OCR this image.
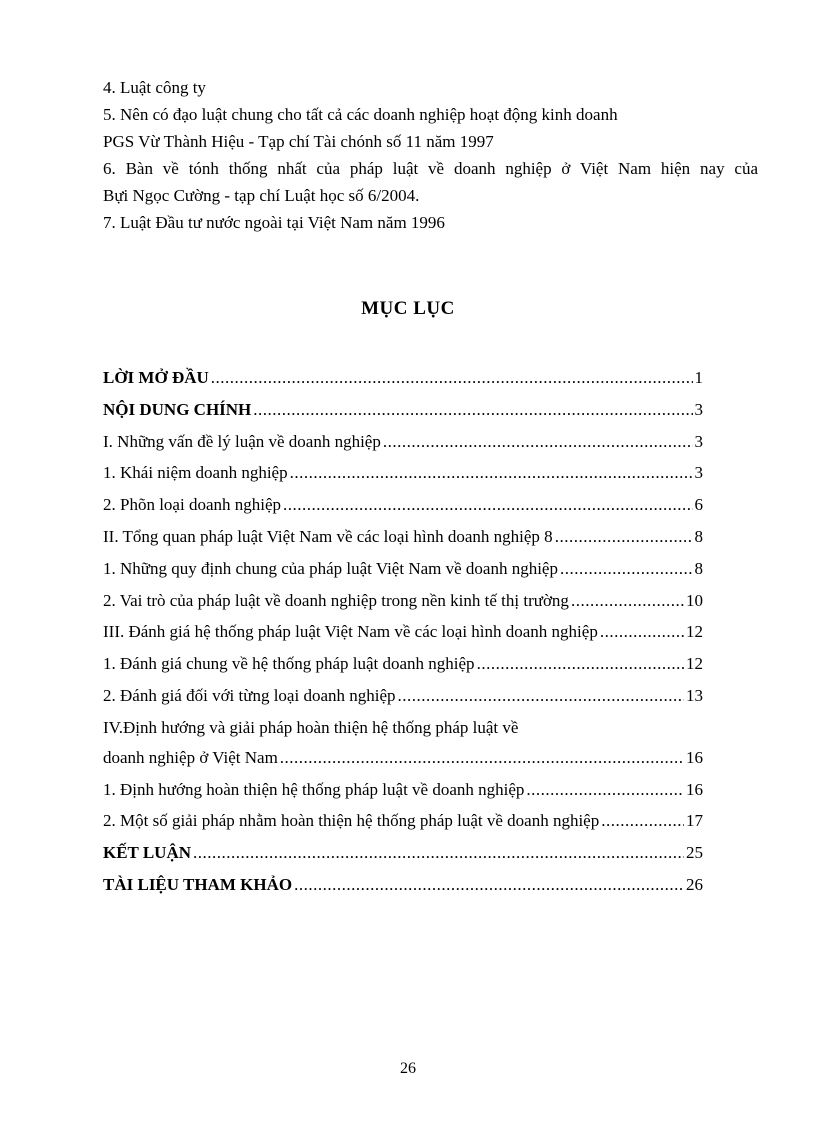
4. Luật công ty
5. Nên có đạo luật chung cho tất cả các doanh nghiệp hoạt động kinh doanh
PGS Vừ Thành Hiệu - Tạp chí Tài chónh số 11 năm 1997
6. Bàn về tónh thống nhất của pháp luật về doanh nghiệp ở Việt Nam hiện nay của
Bựi Ngọc Cường - tạp chí Luật học số 6/2004.
7. Luật Đầu tư nước ngoài tại Việt Nam năm 1996
MỤC LỤC
LỜI MỞ ĐẦU .....	1
NỘI DUNG CHÍNH .....	3
I. Những vấn đề lý luận về doanh nghiệp .....	3
1. Khái niệm doanh nghiệp .....	3
2. Phõn loại doanh nghiệp .....	6
II. Tổng quan pháp luật Việt Nam về các loại hình doanh nghiệp 8 .....	8
1. Những quy định chung của pháp luật Việt Nam về doanh nghiệp .....	8
2. Vai trò của pháp luật về doanh nghiệp trong nền kinh tế thị trường .....	10
III. Đánh giá hệ thống pháp luật Việt Nam về các loại hình doanh nghiệp .....	12
1. Đánh giá chung về hệ thống pháp luật doanh nghiệp .....	12
2. Đánh giá đối với từng loại doanh nghiệp .....	13
IV.Định hướng và giải pháp hoàn thiện hệ thống pháp luật về
doanh nghiệp ở Việt Nam .....	16
1. Định hướng hoàn thiện hệ thống pháp luật về doanh nghiệp .....	16
2. Một số giải pháp nhằm hoàn thiện hệ thống pháp luật về doanh nghiệp .....	17
KẾT LUẬN .....	25
TÀI LIỆU THAM KHẢO .....	26
26
